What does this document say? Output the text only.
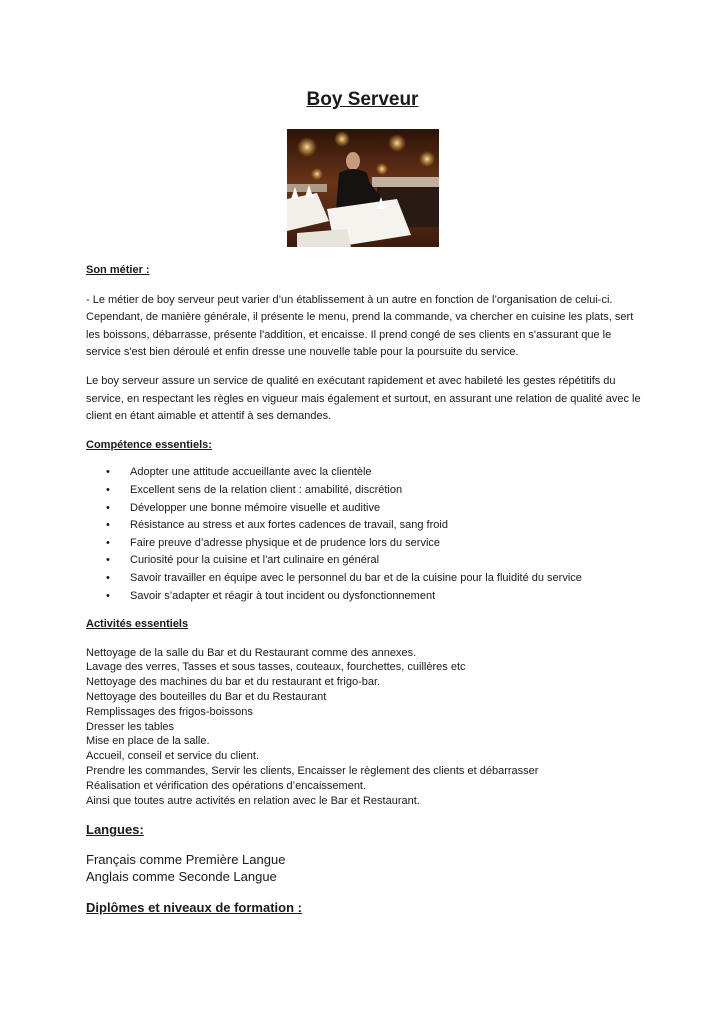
Boy Serveur

Son métier :

- Le métier de boy serveur peut varier d’un établissement à un autre en fonction de l’organisation de celui-ci. Cependant, de manière générale, il présente le menu, prend la commande, va chercher en cuisine les plats, sert les boissons, débarrasse, présente l'addition, et encaisse. Il prend congé de ses clients en s'assurant que le service s'est bien déroulé et enfin dresse une nouvelle table pour la poursuite du service.

Le boy serveur assure un service de qualité en exécutant rapidement et avec habileté les gestes répétitifs du service, en respectant les règles en vigueur mais également et surtout, en assurant une relation de qualité avec le client en étant aimable et attentif à ses demandes.

Compétence essentiels:

• Adopter une attitude accueillante avec la clientèle
• Excellent sens de la relation client : amabilité, discrétion
• Développer une bonne mémoire visuelle et auditive
• Résistance au stress et aux fortes cadences de travail, sang froid
• Faire preuve d’adresse physique et de prudence lors du service
• Curiosité pour la cuisine et l'art culinaire en général
• Savoir travailler en équipe avec le personnel du bar et de la cuisine pour la fluidité du service
• Savoir s’adapter et réagir à tout incident ou dysfonctionnement

Activités essentiels

Nettoyage de la salle du Bar et du Restaurant comme des annexes.
Lavage des verres, Tasses et sous tasses, couteaux, fourchettes, cuillères etc
Nettoyage des machines du bar et du restaurant et frigo-bar.
Nettoyage des bouteilles du Bar et du Restaurant
Remplissages des frigos-boissons
Dresser les tables
Mise en place de la salle.
Accueil, conseil et service du client.
Prendre les commandes, Servir les clients, Encaisser le règlement des clients et débarrasser
Réalisation et vérification des opérations d’encaissement.
Ainsi que toutes autre activités en relation avec le Bar et Restaurant.

Langues:

Français comme Première Langue
Anglais comme Seconde Langue

Diplômes et niveaux de formation :
